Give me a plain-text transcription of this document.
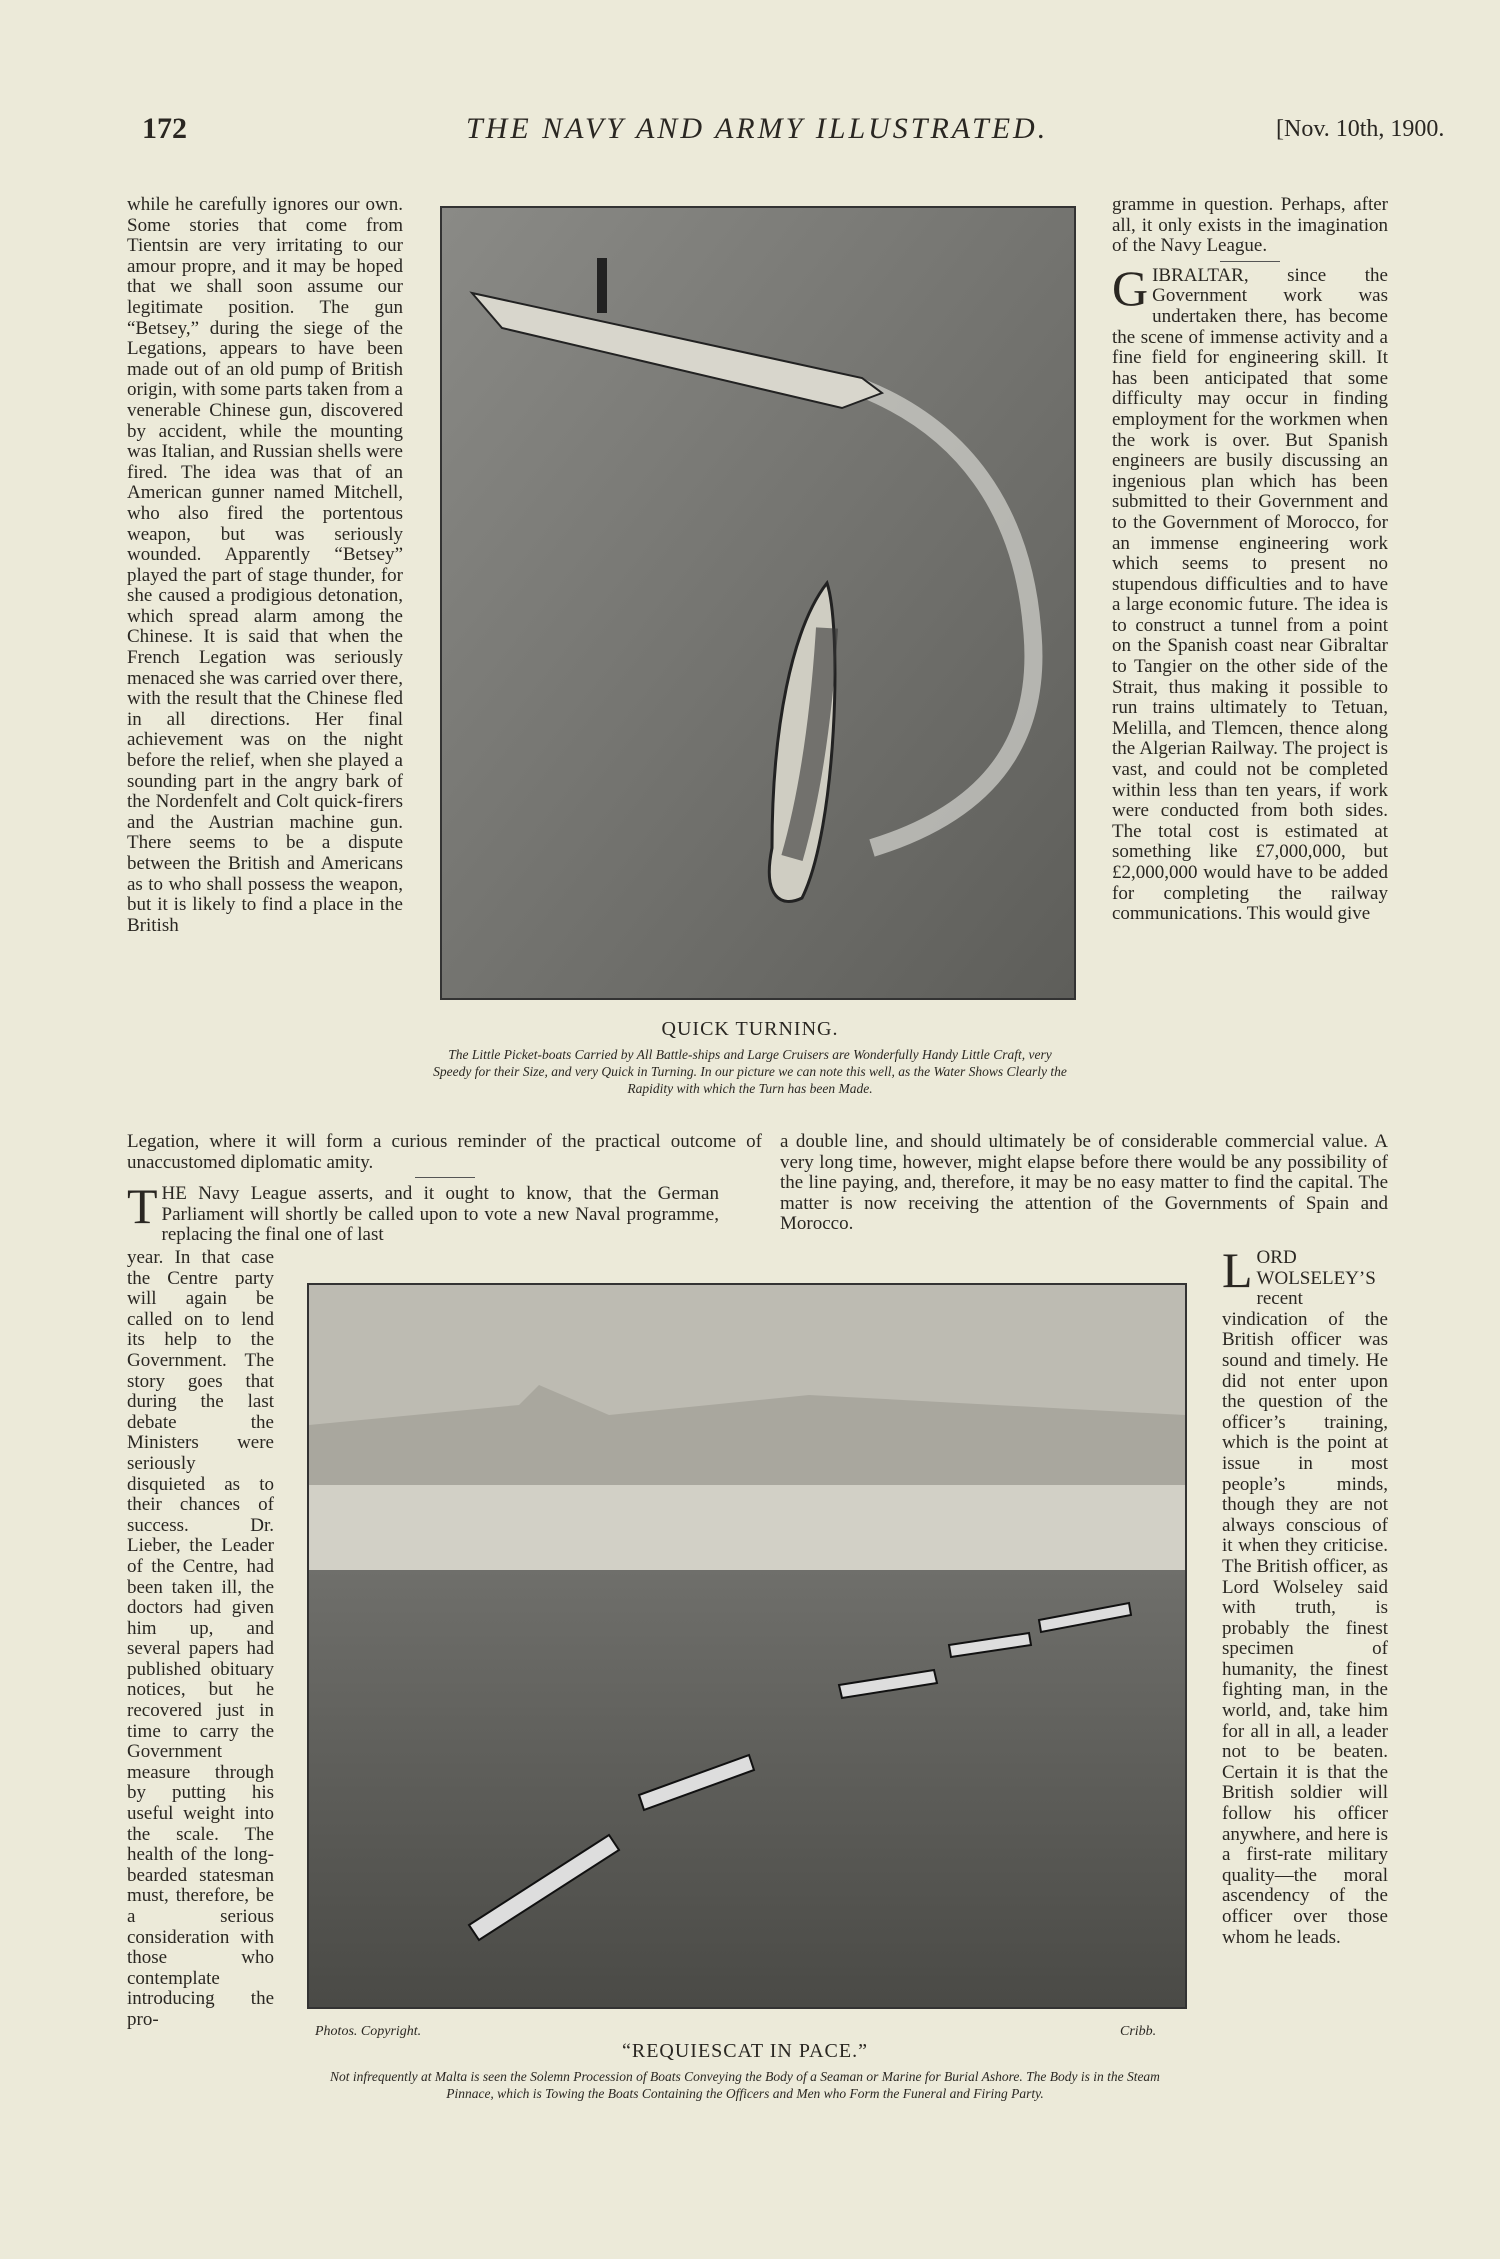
172	THE NAVY AND ARMY ILLUSTRATED.	[Nov. 10th, 1900.

while he carefully ignores our own. Some stories that come from Tientsin are very irritating to our amour propre, and it may be hoped that we shall soon assume our legitimate position. The gun “Betsey,” during the siege of the Legations, appears to have been made out of an old pump of British origin, with some parts taken from a venerable Chinese gun, discovered by accident, while the mounting was Italian, and Russian shells were fired. The idea was that of an American gunner named Mitchell, who also fired the portentous weapon, but was seriously wounded. Apparently “Betsey” played the part of stage thunder, for she caused a prodigious detonation, which spread alarm among the Chinese. It is said that when the French Legation was seriously menaced she was carried over there, with the result that the Chinese fled in all directions. Her final achievement was on the night before the relief, when she played a sounding part in the angry bark of the Nordenfelt and Colt quick-firers and the Austrian machine gun. There seems to be a dispute between the British and Americans as to who shall possess the weapon, but it is likely to find a place in the British

Legation, where it will form a curious reminder of the practical outcome of unaccustomed diplomatic amity.

QUICK TURNING.
The Little Picket-boats Carried by All Battle-ships and Large Cruisers are Wonderfully Handy Little Craft, very Speedy for their Size, and very Quick in Turning. In our picture we can note this well, as the Water Shows Clearly the Rapidity with which the Turn has been Made.

gramme in question. Perhaps, after all, it only exists in the imagination of the Navy League.

GIBRALTAR, since the Government work was undertaken there, has become the scene of immense activity and a fine field for engineering skill. It has been anticipated that some difficulty may occur in finding employment for the workmen when the work is over. But Spanish engineers are busily discussing an ingenious plan which has been submitted to their Government and to the Government of Morocco, for an immense engineering work which seems to present no stupendous difficulties and to have a large economic future. The idea is to construct a tunnel from a point on the Spanish coast near Gibraltar to Tangier on the other side of the Strait, thus making it possible to run trains ultimately to Tetuan, Melilla, and Tlemcen, thence along the Algerian Railway. The project is vast, and could not be completed within less than ten years, if work were conducted from both sides. The total cost is estimated at something like £7,000,000, but £2,000,000 would have to be added for completing the railway communications. This would give

a double line, and should ultimately be of considerable commercial value. A very long time, however, might elapse before there would be any possibility of the line paying, and, therefore, it may be no easy matter to find the capital. The matter is now receiving the attention of the Governments of Spain and Morocco.

THE Navy League asserts, and it ought to know, that the German Parliament will shortly be called upon to vote a new Naval programme, replacing the final one of last

year. In that case the Centre party will again be called on to lend its help to the Government. The story goes that during the last debate the Ministers were seriously disquieted as to their chances of success. Dr. Lieber, the Leader of the Centre, had been taken ill, the doctors had given him up, and several papers had published obituary notices, but he recovered just in time to carry the Government measure through by putting his useful weight into the scale. The health of the long-bearded statesman must, therefore, be a serious consideration with those who contemplate introducing the pro-

Photos. Copyright.	Cribb.
“REQUIESCAT IN PACE.”
Not infrequently at Malta is seen the Solemn Procession of Boats Conveying the Body of a Seaman or Marine for Burial Ashore. The Body is in the Steam Pinnace, which is Towing the Boats Containing the Officers and Men who Form the Funeral and Firing Party.

LORD WOLSELEY’S recent vindication of the British officer was sound and timely. He did not enter upon the question of the officer’s training, which is the point at issue in most people’s minds, though they are not always conscious of it when they criticise. The British officer, as Lord Wolseley said with truth, is probably the finest specimen of humanity, the finest fighting man, in the world, and, take him for all in all, a leader not to be beaten. Certain it is that the British soldier will follow his officer anywhere, and here is a first-rate military quality—the moral ascendency of the officer over those whom he leads.
